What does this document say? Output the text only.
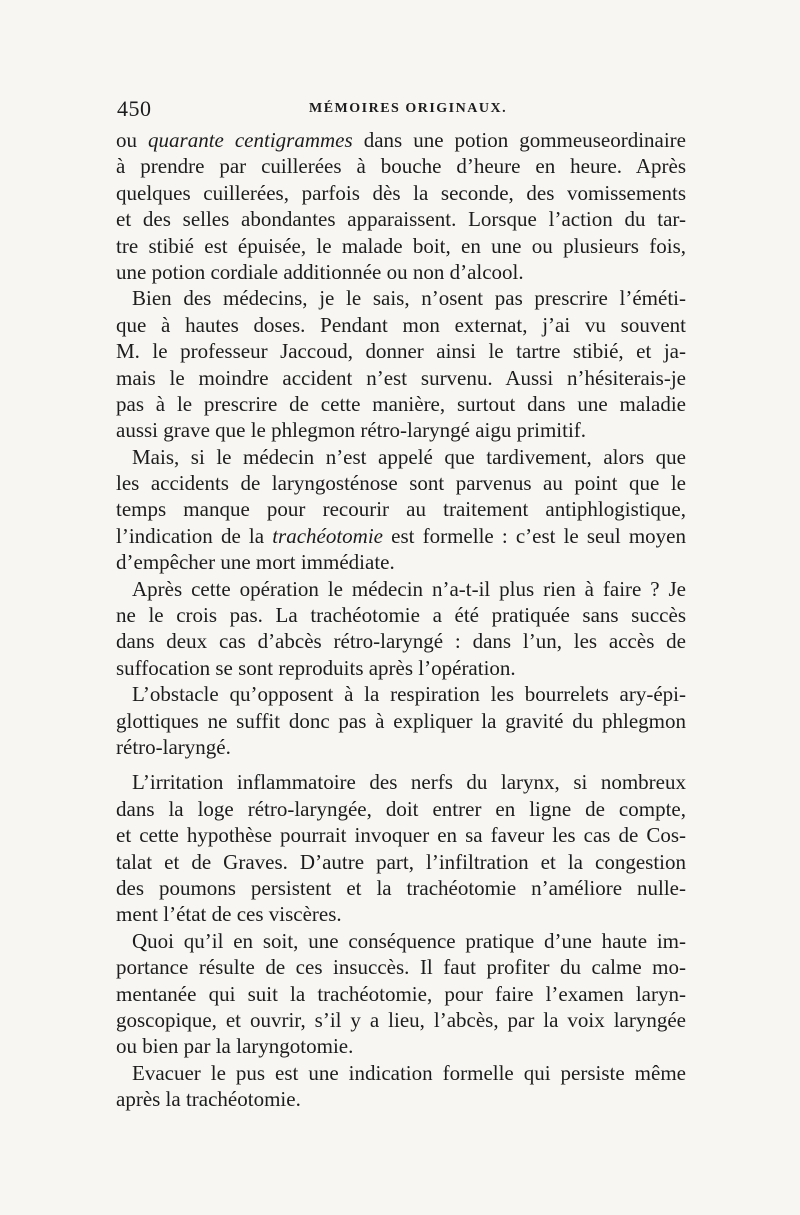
450	MÉMOIRES ORIGINAUX.
ou quarante centigrammes dans une potion gommeuseordinaire
à prendre par cuillerées à bouche d’heure en heure. Après
quelques cuillerées, parfois dès la seconde, des vomissements
et des selles abondantes apparaissent. Lorsque l’action du tar-
tre stibié est épuisée, le malade boit, en une ou plusieurs fois,
une potion cordiale additionnée ou non d’alcool.
Bien des médecins, je le sais, n’osent pas prescrire l’éméti-
que à hautes doses. Pendant mon externat, j’ai vu souvent
M. le professeur Jaccoud, donner ainsi le tartre stibié, et ja-
mais le moindre accident n’est survenu. Aussi n’hésiterais-je
pas à le prescrire de cette manière, surtout dans une maladie
aussi grave que le phlegmon rétro-laryngé aigu primitif.
Mais, si le médecin n’est appelé que tardivement, alors que
les accidents de laryngosténose sont parvenus au point que le
temps manque pour recourir au traitement antiphlogistique,
l’indication de la trachéotomie est formelle : c’est le seul moyen
d’empêcher une mort immédiate.
Après cette opération le médecin n’a-t-il plus rien à faire ? Je
ne le crois pas. La trachéotomie a été pratiquée sans succès
dans deux cas d’abcès rétro-laryngé : dans l’un, les accès de
suffocation se sont reproduits après l’opération.
L’obstacle qu’opposent à la respiration les bourrelets ary-épi-
glottiques ne suffit donc pas à expliquer la gravité du phlegmon
rétro-laryngé.
L’irritation inflammatoire des nerfs du larynx, si nombreux
dans la loge rétro-laryngée, doit entrer en ligne de compte,
et cette hypothèse pourrait invoquer en sa faveur les cas de Cos-
talat et de Graves. D’autre part, l’infiltration et la congestion
des poumons persistent et la trachéotomie n’améliore nulle-
ment l’état de ces viscères.
Quoi qu’il en soit, une conséquence pratique d’une haute im-
portance résulte de ces insuccès. Il faut profiter du calme mo-
mentanée qui suit la trachéotomie, pour faire l’examen laryn-
goscopique, et ouvrir, s’il y a lieu, l’abcès, par la voix laryngée
ou bien par la laryngotomie.
Evacuer le pus est une indication formelle qui persiste même
après la trachéotomie.
